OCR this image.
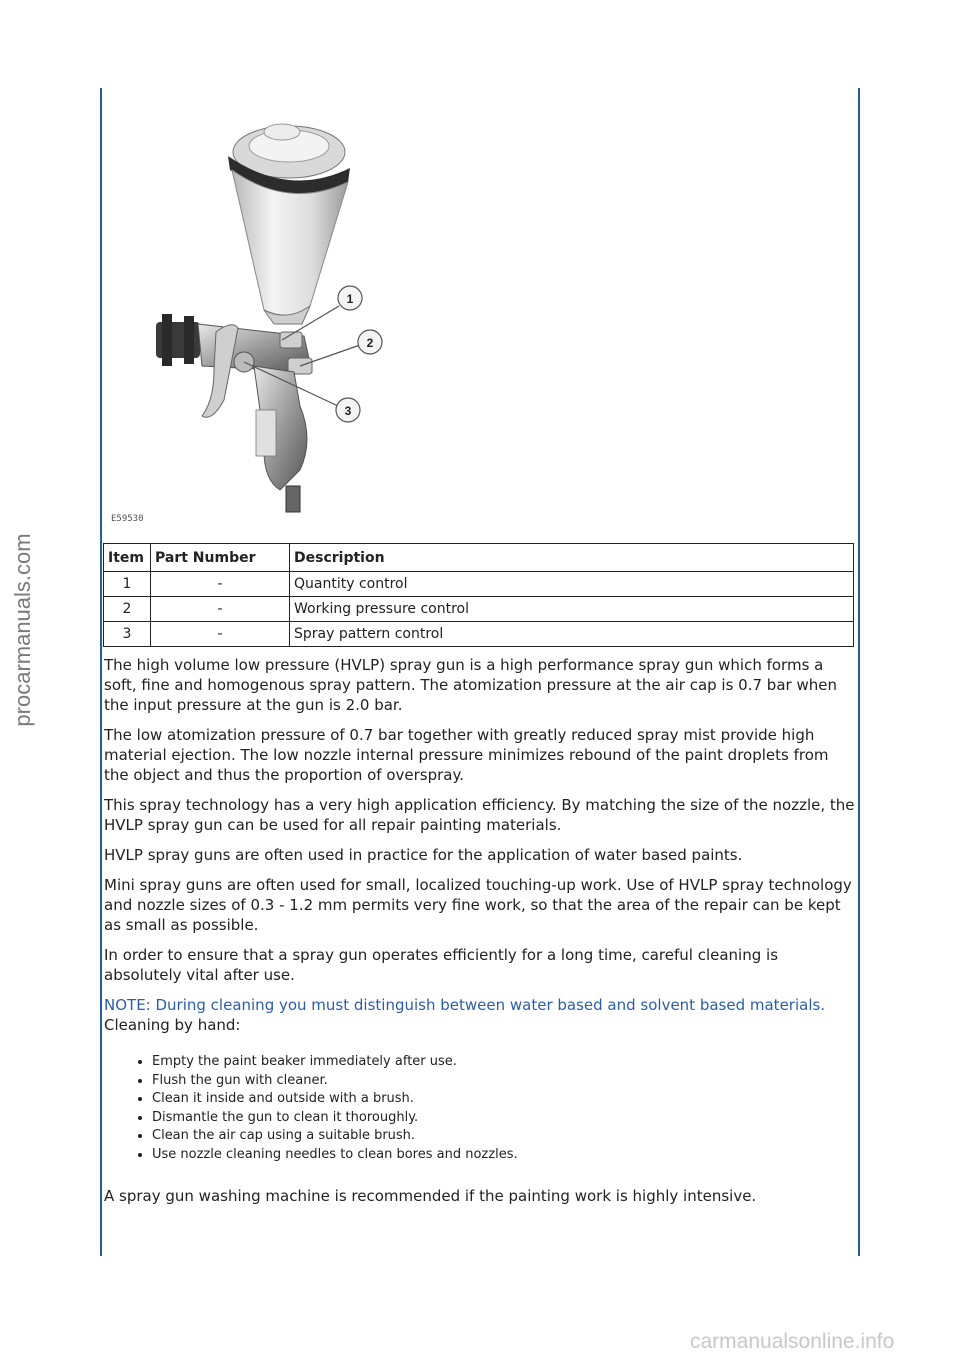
procarmanuals.com
1
2
3
E59530
Item	Part Number	Description
1	-	Quantity control
2	-	Working pressure control
3	-	Spray pattern control

The high volume low pressure (HVLP) spray gun is a high performance spray gun which forms a soft, fine and homogenous spray pattern. The atomization pressure at the air cap is 0.7 bar when the input pressure at the gun is 2.0 bar.

The low atomization pressure of 0.7 bar together with greatly reduced spray mist provide high material ejection. The low nozzle internal pressure minimizes rebound of the paint droplets from the object and thus the proportion of overspray.

This spray technology has a very high application efficiency. By matching the size of the nozzle, the HVLP spray gun can be used for all repair painting materials.

HVLP spray guns are often used in practice for the application of water based paints.

Mini spray guns are often used for small, localized touching-up work. Use of HVLP spray technology and nozzle sizes of 0.3 - 1.2 mm permits very fine work, so that the area of the repair can be kept as small as possible.

In order to ensure that a spray gun operates efficiently for a long time, careful cleaning is absolutely vital after use.

NOTE: During cleaning you must distinguish between water based and solvent based materials.

Cleaning by hand:

• Empty the paint beaker immediately after use.
• Flush the gun with cleaner.
• Clean it inside and outside with a brush.
• Dismantle the gun to clean it thoroughly.
• Clean the air cap using a suitable brush.
• Use nozzle cleaning needles to clean bores and nozzles.

A spray gun washing machine is recommended if the painting work is highly intensive.

carmanualsonline.info
